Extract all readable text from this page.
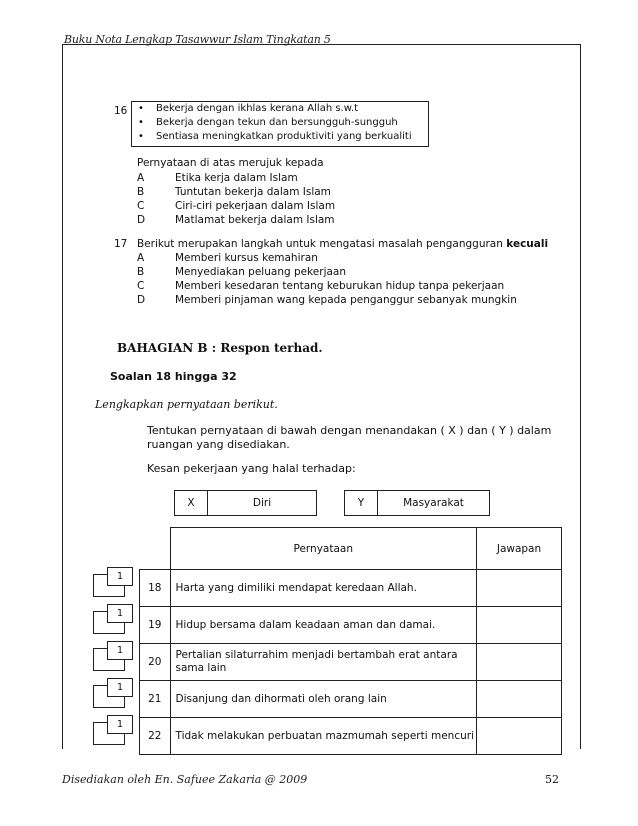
Buku Nota Lengkap Tasawwur Islam Tingkatan 5
16 • Bekerja dengan ikhlas kerana Allah s.w.t
• Bekerja dengan tekun dan bersungguh-sungguh
• Sentiasa meningkatkan produktiviti yang berkualiti
Pernyataan di atas merujuk kepada
A	Etika kerja dalam Islam
B	Tuntutan bekerja dalam Islam
C	Ciri-ciri pekerjaan dalam Islam
D	Matlamat bekerja dalam Islam
17 Berikut merupakan langkah untuk mengatasi masalah pengangguran kecuali
A	Memberi kursus kemahiran
B	Menyediakan peluang pekerjaan
C	Memberi kesedaran tentang keburukan hidup tanpa pekerjaan
D	Memberi pinjaman wang kepada penganggur sebanyak mungkin
BAHAGIAN B : Respon terhad.
Soalan 18 hingga 32
Lengkapkan pernyataan berikut.
Tentukan pernyataan di bawah dengan menandakan ( X ) dan ( Y ) dalam
ruangan yang disediakan.
Kesan pekerjaan yang halal terhadap:
X	Diri	Y	Masyarakat
	Pernyataan	Jawapan
18	Harta yang dimiliki mendapat keredaan Allah.	
19	Hidup bersama dalam keadaan aman dan damai.	
20	Pertalian silaturrahim menjadi bertambah erat antara
sama lain	

21	Disanjung dan dihormati oleh orang lain	
22	Tidak melakukan perbuatan mazmumah seperti mencuri	
1
1
1
1
1
Disediakan oleh En. Safuee Zakaria @ 2009	52
